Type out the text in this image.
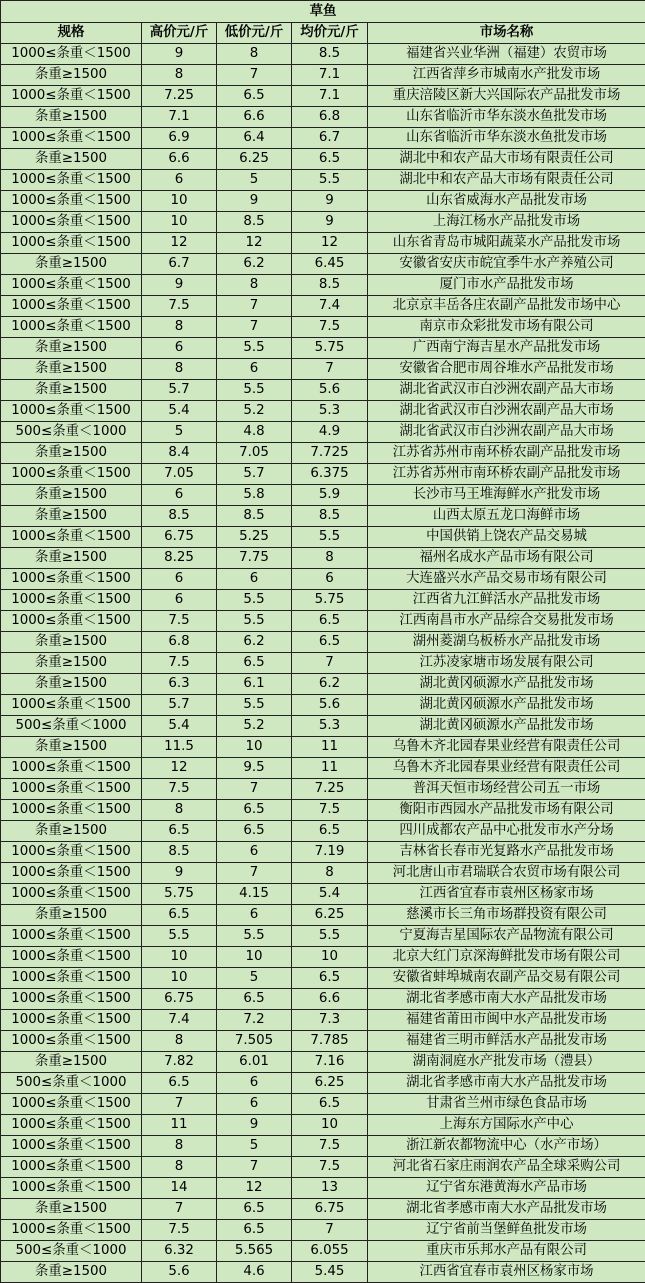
草鱼				
规格	高价元/斤	低价元/斤	均价元/斤	市场名称
1000≤条重＜1500	9	8	8.5	福建省兴业华洲（福建）农贸市场
条重≥1500	8	7	7.1	江西省萍乡市城南水产批发市场
1000≤条重＜1500	7.25	6.5	7.1	重庆涪陵区新大兴国际农产品批发市场
条重≥1500	7.1	6.6	6.8	山东省临沂市华东淡水鱼批发市场
1000≤条重＜1500	6.9	6.4	6.7	山东省临沂市华东淡水鱼批发市场
条重≥1500	6.6	6.25	6.5	湖北中和农产品大市场有限责任公司
1000≤条重＜1500	6	5	5.5	湖北中和农产品大市场有限责任公司
1000≤条重＜1500	10	9	9	山东省威海水产品批发市场
1000≤条重＜1500	10	8.5	9	上海江杨水产品批发市场
1000≤条重＜1500	12	12	12	山东省青岛市城阳蔬菜水产品批发市场
条重≥1500	6.7	6.2	6.45	安徽省安庆市皖宜季牛水产养殖公司
1000≤条重＜1500	9	8	8.5	厦门市水产品批发市场
1000≤条重＜1500	7.5	7	7.4	北京京丰岳各庄农副产品批发市场中心
1000≤条重＜1500	8	7	7.5	南京市众彩批发市场有限公司
条重≥1500	6	5.5	5.75	广西南宁海吉星水产品批发市场
条重≥1500	8	6	7	安徽省合肥市周谷堆水产品批发市场
条重≥1500	5.7	5.5	5.6	湖北省武汉市白沙洲农副产品大市场
1000≤条重＜1500	5.4	5.2	5.3	湖北省武汉市白沙洲农副产品大市场
500≤条重＜1000	5	4.8	4.9	湖北省武汉市白沙洲农副产品大市场
条重≥1500	8.4	7.05	7.725	江苏省苏州市南环桥农副产品批发市场
1000≤条重＜1500	7.05	5.7	6.375	江苏省苏州市南环桥农副产品批发市场
条重≥1500	6	5.8	5.9	长沙市马王堆海鲜水产批发市场
条重≥1500	8.5	8.5	8.5	山西太原五龙口海鲜市场
1000≤条重＜1500	6.75	5.25	5.5	中国供销上饶农产品交易城
条重≥1500	8.25	7.75	8	福州名成水产品市场有限公司
1000≤条重＜1500	6	6	6	大连盛兴水产品交易市场有限公司
1000≤条重＜1500	6	5.5	5.75	江西省九江鲜活水产品批发市场
1000≤条重＜1500	7.5	5.5	6.5	江西南昌市水产品综合交易批发市场
条重≥1500	6.8	6.2	6.5	湖州菱湖乌板桥水产品批发市场
条重≥1500	7.5	6.5	7	江苏凌家塘市场发展有限公司
条重≥1500	6.3	6.1	6.2	湖北黄冈硕源水产品批发市场
1000≤条重＜1500	5.7	5.5	5.6	湖北黄冈硕源水产品批发市场
500≤条重＜1000	5.4	5.2	5.3	湖北黄冈硕源水产品批发市场
条重≥1500	11.5	10	11	乌鲁木齐北园春果业经营有限责任公司
1000≤条重＜1500	12	9.5	11	乌鲁木齐北园春果业经营有限责任公司
1000≤条重＜1500	7.5	7	7.25	普洱天恒市场经营公司五一市场
1000≤条重＜1500	8	6.5	7.5	衡阳市西园水产品批发市场有限公司
条重≥1500	6.5	6.5	6.5	四川成都农产品中心批发市水产分场
1000≤条重＜1500	8.5	6	7.19	吉林省长春市光复路水产品批发市场
1000≤条重＜1500	9	7	8	河北唐山市君瑞联合农贸市场有限公司
1000≤条重＜1500	5.75	4.15	5.4	江西省宜春市袁州区杨家市场
条重≥1500	6.5	6	6.25	慈溪市长三角市场群投资有限公司
1000≤条重＜1500	5.5	5.5	5.5	宁夏海吉星国际农产品物流有限公司
1000≤条重＜1500	10	10	10	北京大红门京深海鲜批发市场有限公司
1000≤条重＜1500	10	5	6.5	安徽省蚌埠城南农副产品交易有限公司
1000≤条重＜1500	6.75	6.5	6.6	湖北省孝感市南大水产品批发市场
1000≤条重＜1500	7.4	7.2	7.3	福建省莆田市闽中水产品批发市场
1000≤条重＜1500	8	7.505	7.785	福建省三明市鲜活水产品批发市场
条重≥1500	7.82	6.01	7.16	湖南洞庭水产批发市场（澧县）
500≤条重＜1000	6.5	6	6.25	湖北省孝感市南大水产品批发市场
1000≤条重＜1500	7	6	6.5	甘肃省兰州市绿色食品市场
1000≤条重＜1500	11	9	10	上海东方国际水产中心
1000≤条重＜1500	8	5	7.5	浙江新农都物流中心（水产市场）
1000≤条重＜1500	8	7	7.5	河北省石家庄雨润农产品全球采购公司
1000≤条重＜1500	14	12	13	辽宁省东港黄海水产品市场
条重≥1500	7	6.5	6.75	湖北省孝感市南大水产品批发市场
1000≤条重＜1500	7.5	6.5	7	辽宁省前当堡鲜鱼批发市场
500≤条重＜1000	6.32	5.565	6.055	重庆市乐邦水产品有限公司
条重≥1500	5.6	4.6	5.45	江西省宜春市袁州区杨家市场
